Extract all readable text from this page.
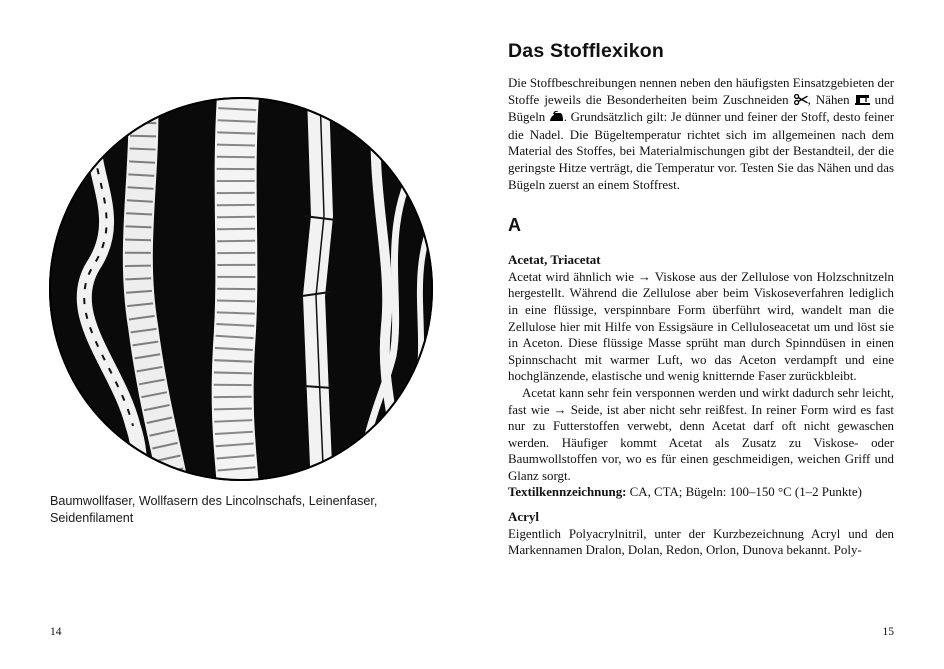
Baumwollfaser, Wollfasern des Lincolnschafs, Leinenfaser, Seidenfilament
14
Das Stofflexikon

Die Stoffbeschreibungen nennen neben den häufigsten Einsatzgebieten der Stoffe jeweils die Besonderheiten beim Zuschneiden , Nähen  und Bügeln . Grundsätzlich gilt: Je dünner und feiner der Stoff, desto feiner die Nadel. Die Bügeltemperatur richtet sich im allgemeinen nach dem Material des Stoffes, bei Materialmischungen gibt der Bestandteil, der die geringste Hitze verträgt, die Temperatur vor. Testen Sie das Nähen und das Bügeln zuerst an einem Stoffrest.

A
Acetat, Triacetat

Acetat wird ähnlich wie → Viskose aus der Zellulose von Holzschnitzeln hergestellt. Während die Zellulose aber beim Viskoseverfahren lediglich in eine flüssige, verspinnbare Form überführt wird, wandelt man die Zellulose hier mit Hilfe von Essigsäure in Celluloseacetat um und löst sie in Aceton. Diese flüssige Masse sprüht man durch Spinndüsen in einen Spinnschacht mit warmer Luft, wo das Aceton verdampft und eine hochglänzende, elastische und wenig knitternde Faser zurückbleibt.

Acetat kann sehr fein versponnen werden und wirkt dadurch sehr leicht, fast wie → Seide, ist aber nicht sehr reißfest. In reiner Form wird es fast nur zu Futterstoffen verwebt, denn Acetat darf oft nicht gewaschen werden. Häufiger kommt Acetat als Zusatz zu Viskose- oder Baumwollstoffen vor, wo es für einen geschmeidigen, weichen Griff und Glanz sorgt.

Textilkennzeichnung: CA, CTA; Bügeln: 100–150 °C (1–2 Punkte)

Acryl

Eigentlich Polyacrylnitril, unter der Kurzbezeichnung Acryl und den Markennamen Dralon, Dolan, Redon, Orlon, Dunova bekannt. Poly-

15
